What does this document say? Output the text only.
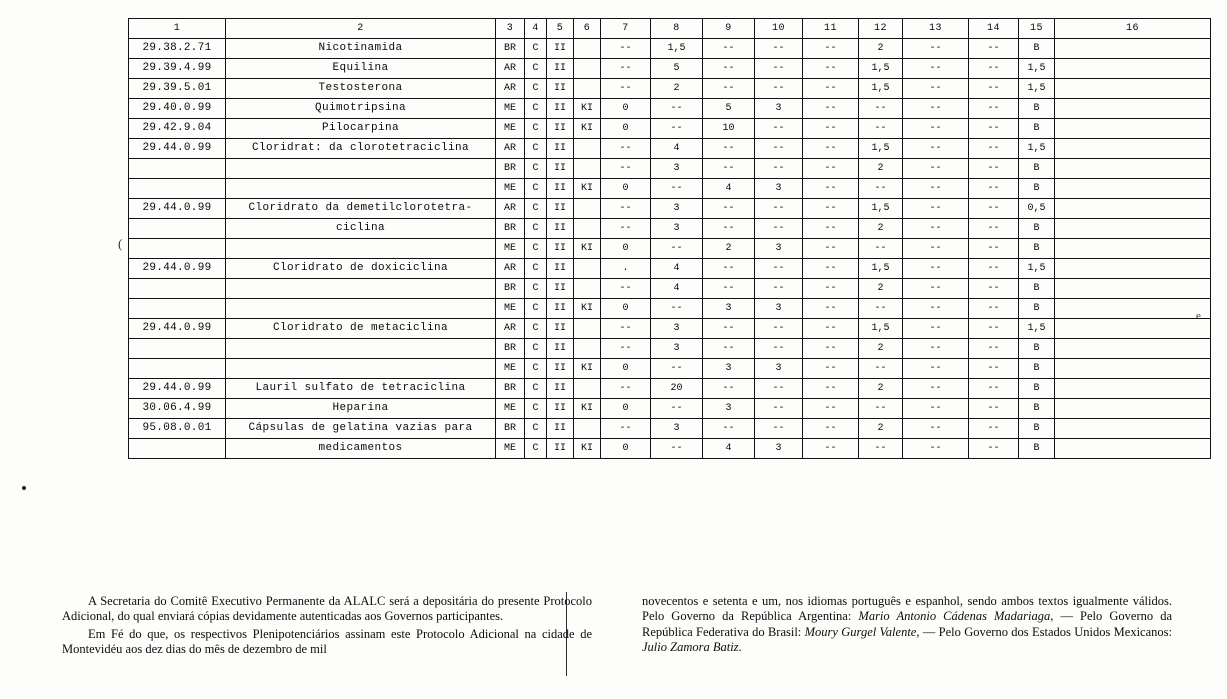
(
e
1	2	3	4	5	6	7	8	9	10	11	12	13	14	15	16
29.38.2.71	Nicotinamida	BR	C	II		--	1,5	--	--	--	2	--	--	B	
29.39.4.99	Equilina	AR	C	II		--	5	--	--	--	1,5	--	--	1,5	
29.39.5.01	Testosterona	AR	C	II		--	2	--	--	--	1,5	--	--	1,5	
29.40.0.99	Quimotripsina	ME	C	II	KI	0	--	5	3	--	--	--	--	B	
29.42.9.04	Pilocarpina	ME	C	II	KI	0	--	10	--	--	--	--	--	B	
29.44.0.99	Cloridrat: da clorotetraciclina	AR	C	II		--	4	--	--	--	1,5	--	--	1,5	
		BR	C	II		--	3	--	--	--	2	--	--	B	
		ME	C	II	KI	0	--	4	3	--	--	--	--	B	
29.44.0.99	Cloridrato da demetilclorotetra-	AR	C	II		--	3	--	--	--	1,5	--	--	0,5	
	ciclina	BR	C	II		--	3	--	--	--	2	--	--	B	
		ME	C	II	KI	0	--	2	3	--	--	--	--	B	
29.44.0.99	Cloridrato de doxiciclina	AR	C	II		.	4	--	--	--	1,5	--	--	1,5	
		BR	C	II		--	4	--	--	--	2	--	--	B	
		ME	C	II	KI	0	--	3	3	--	--	--	--	B	
29.44.0.99	Cloridrato de metaciclina	AR	C	II		--	3	--	--	--	1,5	--	--	1,5	
		BR	C	II		--	3	--	--	--	2	--	--	B	
		ME	C	II	KI	0	--	3	3	--	--	--	--	B	
29.44.0.99	Lauril sulfato de tetraciclina	BR	C	II		--	20	--	--	--	2	--	--	B	
30.06.4.99	Heparina	ME	C	II	KI	0	--	3	--	--	--	--	--	B	
95.08.0.01	Cápsulas de gelatina vazias para	BR	C	II		--	3	--	--	--	2	--	--	B	
	medicamentos	ME	C	II	KI	0	--	4	3	--	--	--	--	B	

A Secretaria do Comitê Executivo Permanente da ALALC será a depositária do presente Protocolo Adicional, do qual enviará cópias devidamente autenticadas aos Governos participantes.

Em Fé do que, os respectivos Plenipotenciários assinam este Protocolo Adicional na cidade de Montevidéu aos dez dias do mês de dezembro de mil

novecentos e setenta e um, nos idiomas português e espanhol, sendo ambos textos igualmente válidos. Pelo Governo da República Argentina: Mario Antonio Cádenas Madariaga, — Pelo Governo da República Federativa do Brasil: Moury Gurgel Valente, — Pelo Governo dos Estados Unidos Mexicanos: Julio Zamora Batiz.
